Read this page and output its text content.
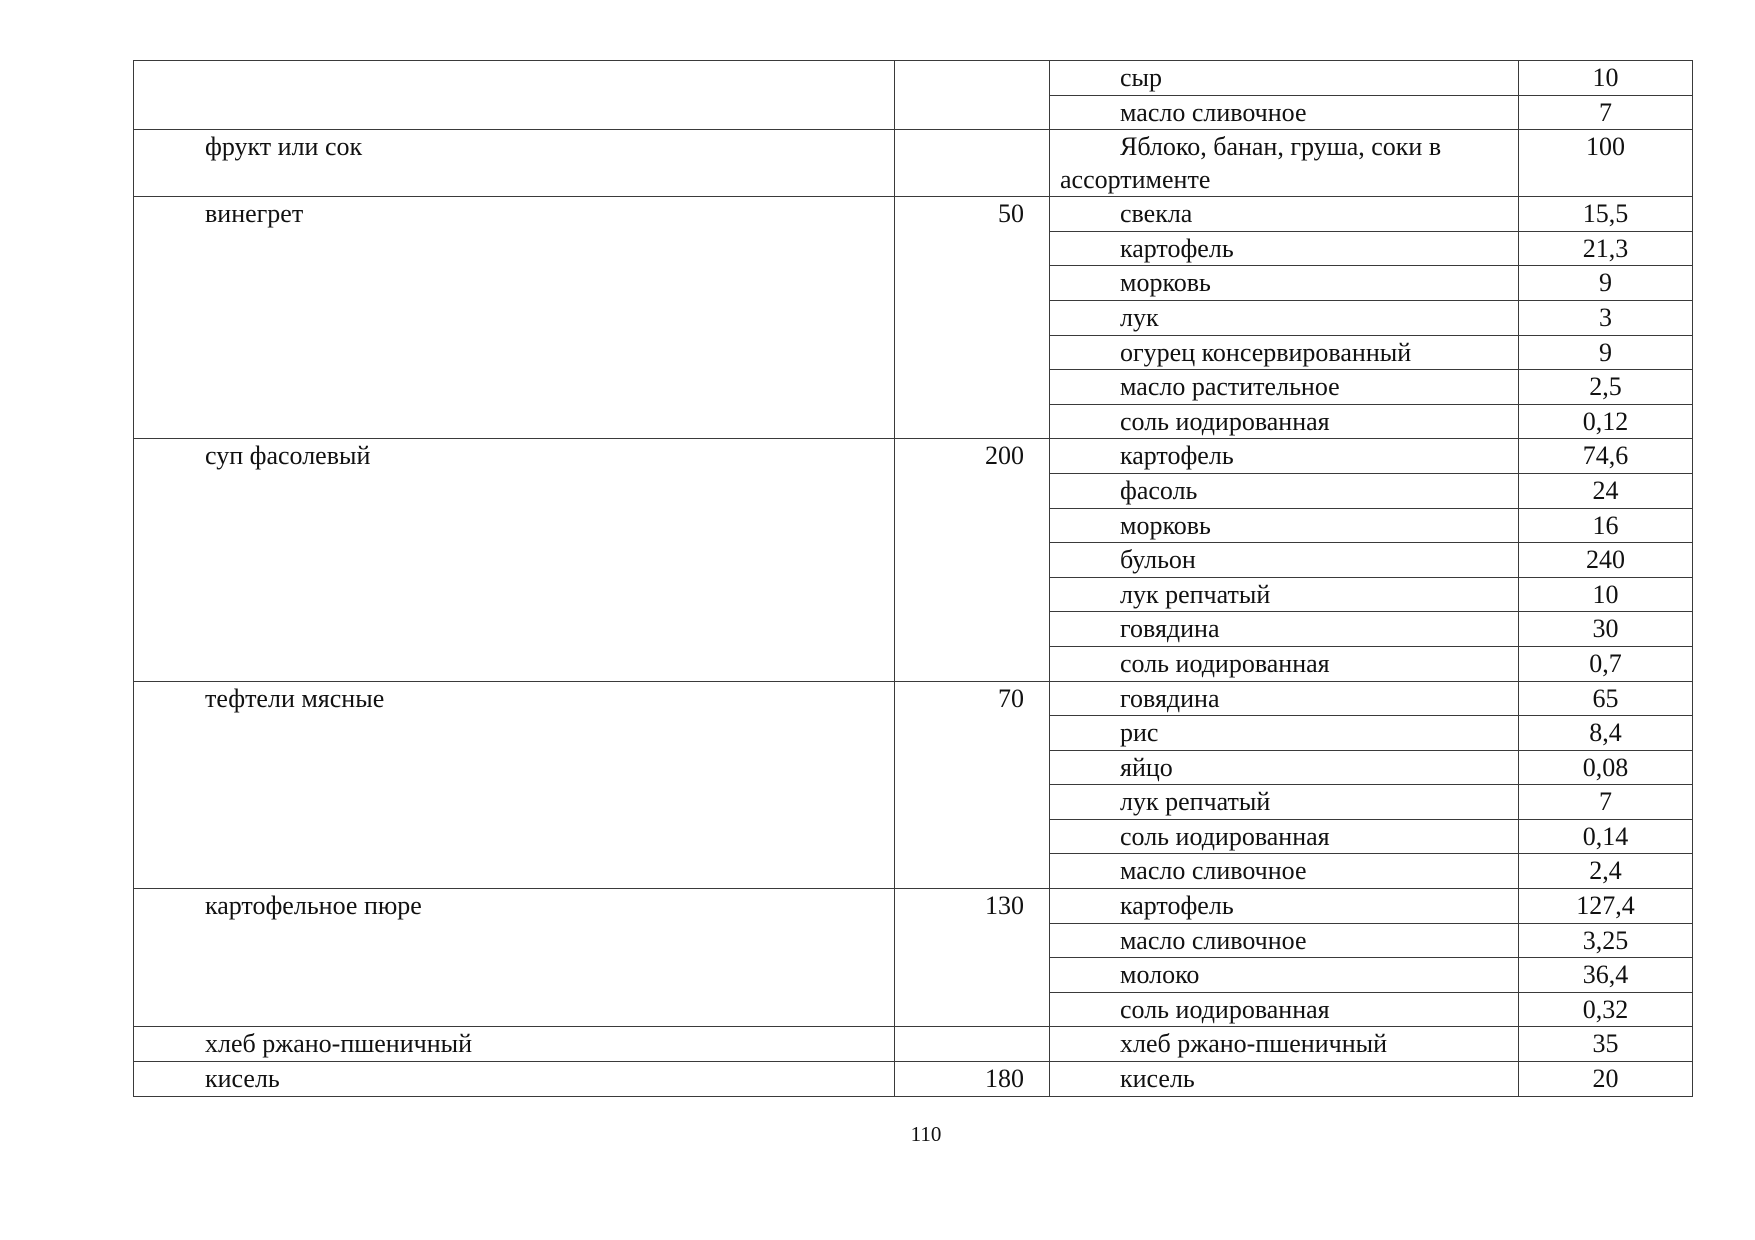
		сыр	10
		масло сливочное	7
фрукт или сок		Яблоко, банан, груша, соки в ассортименте	100
винегрет	50	свекла	15,5
		картофель	21,3
		морковь	9
		лук	3
		огурец консервированный	9
		масло растительное	2,5
		соль иодированная	0,12
суп фасолевый	200	картофель	74,6
		фасоль	24
		морковь	16
		бульон	240
		лук репчатый	10
		говядина	30
		соль иодированная	0,7
тефтели мясные	70	говядина	65
		рис	8,4
		яйцо	0,08
		лук репчатый	7
		соль иодированная	0,14
		масло сливочное	2,4
картофельное пюре	130	картофель	127,4
		масло сливочное	3,25
		молоко	36,4
		соль иодированная	0,32
хлеб ржано-пшеничный		хлеб ржано-пшеничный	35
кисель	180	кисель	20
110
